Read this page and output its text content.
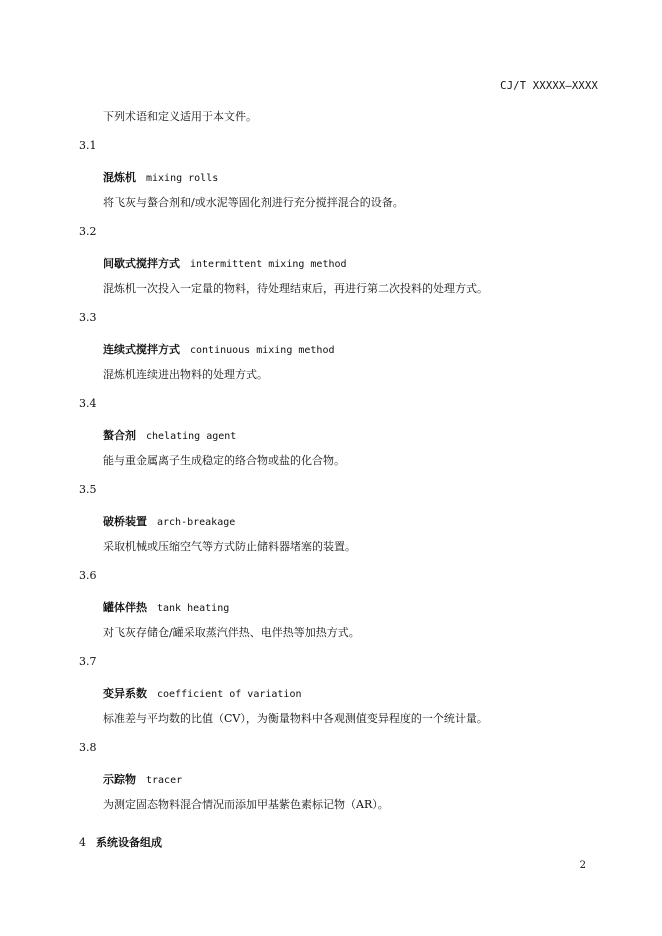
CJ/T XXXXX—XXXX
下列术语和定义适用于本文件。
3.1
混炼机 mixing rolls
将飞灰与螯合剂和/或水泥等固化剂进行充分搅拌混合的设备。
3.2
间歇式搅拌方式 intermittent mixing method
混炼机一次投入一定量的物料，待处理结束后，再进行第二次投料的处理方式。
3.3
连续式搅拌方式 continuous mixing method
混炼机连续进出物料的处理方式。
3.4
螯合剂 chelating agent
能与重金属离子生成稳定的络合物或盐的化合物。
3.5
破桥装置 arch-breakage
采取机械或压缩空气等方式防止储料器堵塞的装置。
3.6
罐体伴热 tank heating
对飞灰存储仓/罐采取蒸汽伴热、电伴热等加热方式。
3.7
变异系数 coefficient of variation
标准差与平均数的比值（CV），为衡量物料中各观测值变异程度的一个统计量。
3.8
示踪物 tracer
为测定固态物料混合情况而添加甲基紫色素标记物（AR）。
4 系统设备组成
2
